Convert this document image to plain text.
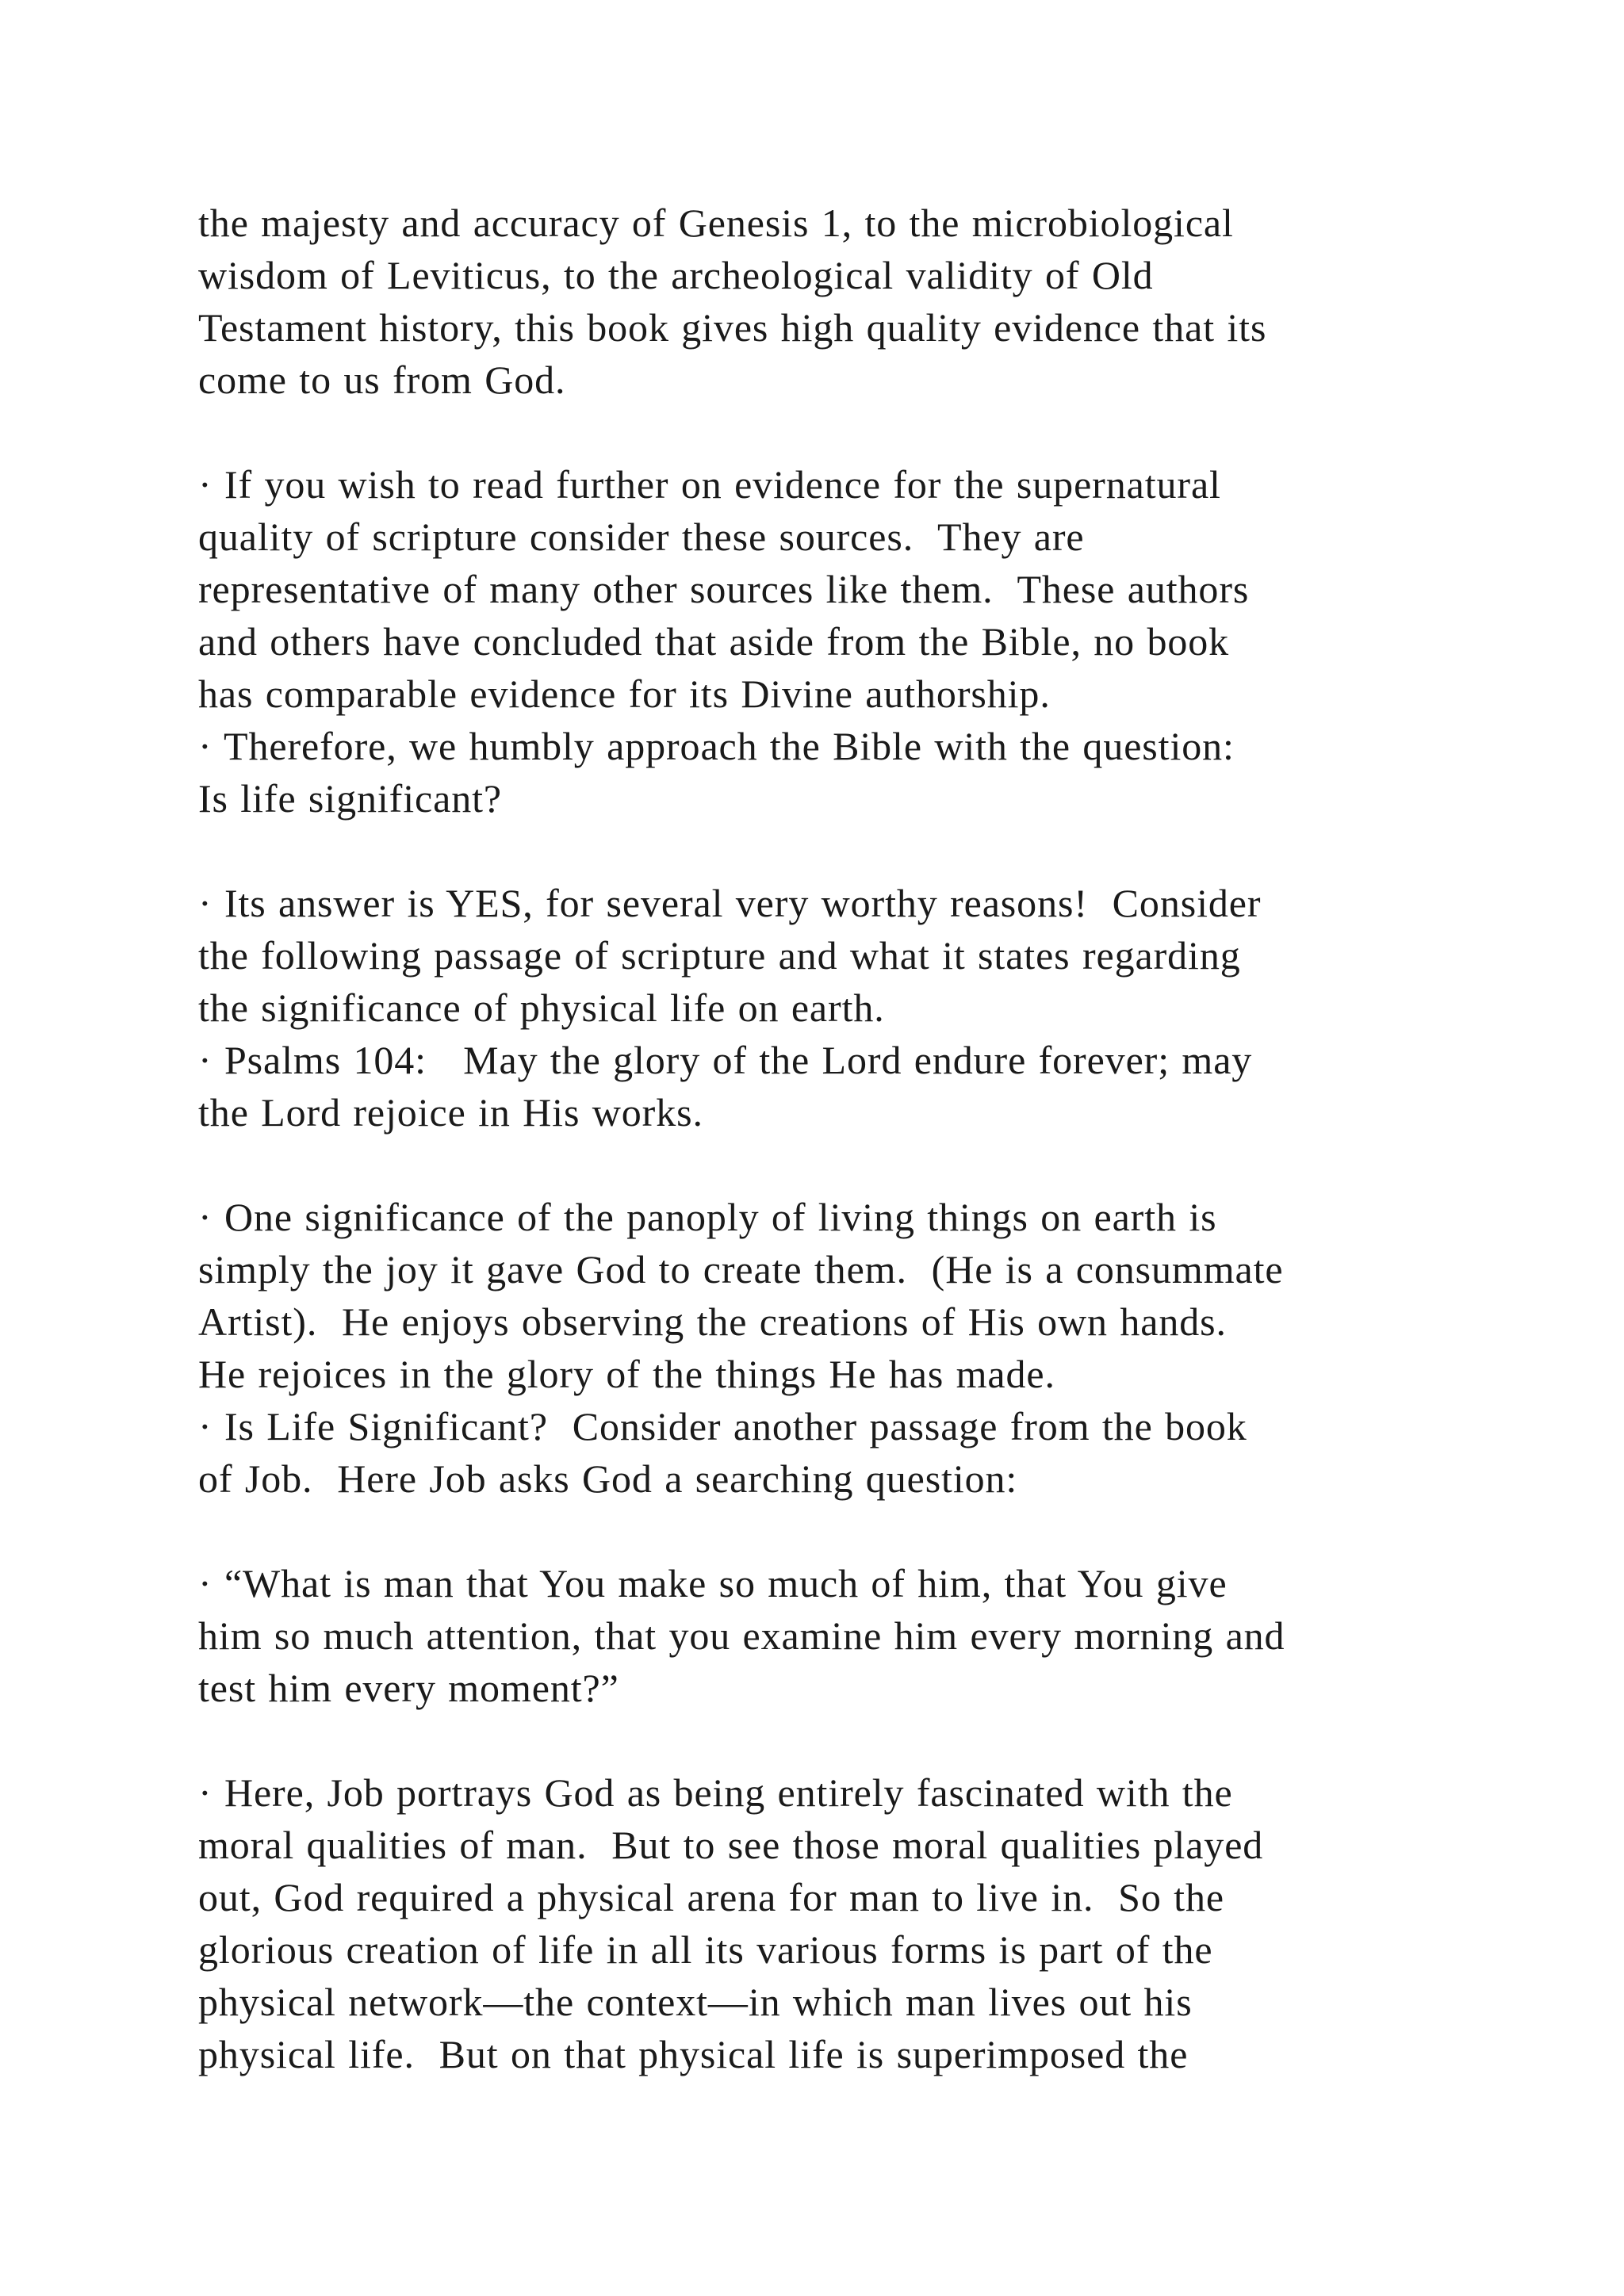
the majesty and accuracy of Genesis 1, to the microbiological
wisdom of Leviticus, to the archeological validity of Old
Testament history, this book gives high quality evidence that its
come to us from God.
· If you wish to read further on evidence for the supernatural
quality of scripture consider these sources.  They are
representative of many other sources like them.  These authors
and others have concluded that aside from the Bible, no book
has comparable evidence for its Divine authorship.
· Therefore, we humbly approach the Bible with the question:
Is life significant?
· Its answer is YES, for several very worthy reasons!  Consider
the following passage of scripture and what it states regarding
the significance of physical life on earth.
· Psalms 104:   May the glory of the Lord endure forever; may
the Lord rejoice in His works.
· One significance of the panoply of living things on earth is
simply the joy it gave God to create them.  (He is a consummate
Artist).  He enjoys observing the creations of His own hands.
He rejoices in the glory of the things He has made.
· Is Life Significant?  Consider another passage from the book
of Job.  Here Job asks God a searching question:
· “What is man that You make so much of him, that You give
him so much attention, that you examine him every morning and
test him every moment?”
· Here, Job portrays God as being entirely fascinated with the
moral qualities of man.  But to see those moral qualities played
out, God required a physical arena for man to live in.  So the
glorious creation of life in all its various forms is part of the
physical network—the context—in which man lives out his
physical life.  But on that physical life is superimposed the
